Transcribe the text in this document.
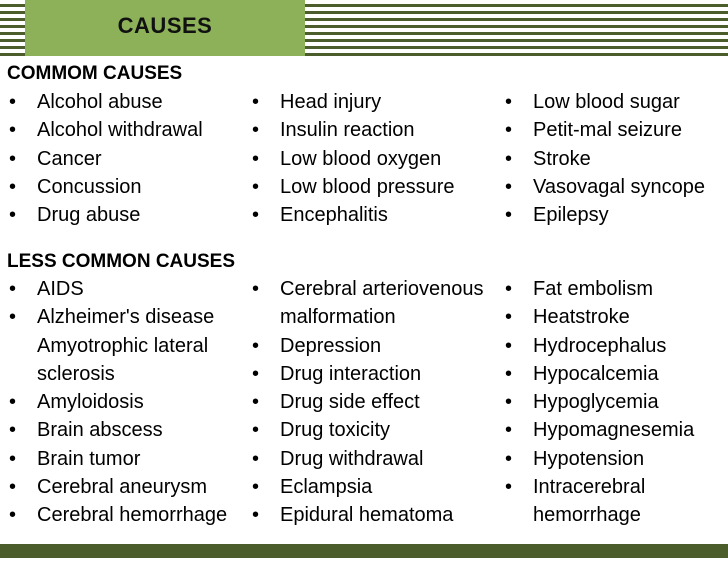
CAUSES
COMMOM CAUSES
• Alcohol abuse
• Alcohol withdrawal
• Cancer
• Concussion
• Drug abuse
• Head injury
• Insulin reaction
• Low blood oxygen
• Low blood pressure
• Encephalitis
• Low blood sugar
• Petit-mal seizure
• Stroke
• Vasovagal syncope
• Epilepsy
LESS COMMON CAUSES
• AIDS
• Alzheimer's disease
Amyotrophic lateral
sclerosis
• Amyloidosis
• Brain abscess
• Brain tumor
• Cerebral aneurysm
• Cerebral hemorrhage
• Cerebral arteriovenous
malformation
• Depression
• Drug interaction
• Drug side effect
• Drug toxicity
• Drug withdrawal
• Eclampsia
• Epidural hematoma
• Fat embolism
• Heatstroke
• Hydrocephalus
• Hypocalcemia
• Hypoglycemia
• Hypomagnesemia
• Hypotension
• Intracerebral
hemorrhage
